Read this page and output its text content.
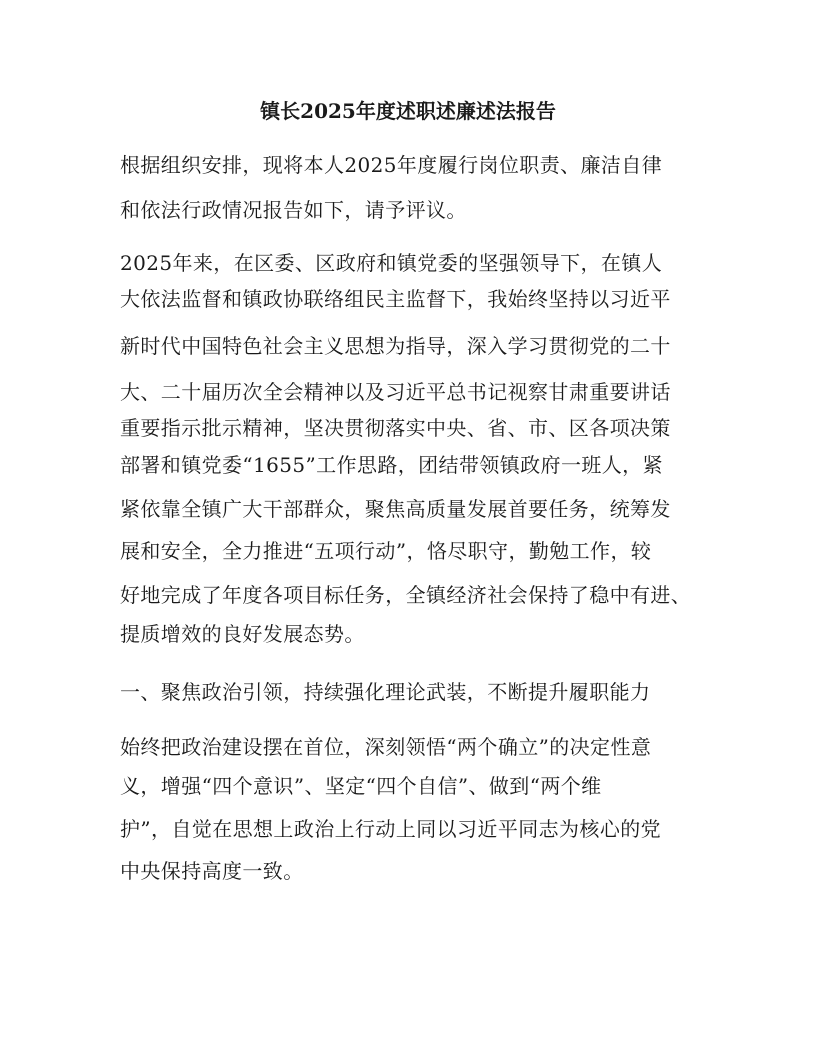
镇长2025年度述职述廉述法报告
根据组织安排，现将本人2025年度履行岗位职责、廉洁自律
和依法行政情况报告如下，请予评议。
2025年来，在区委、区政府和镇党委的坚强领导下，在镇人
大依法监督和镇政协联络组民主监督下，我始终坚持以习近平
新时代中国特色社会主义思想为指导，深入学习贯彻党的二十
大、二十届历次全会精神以及习近平总书记视察甘肃重要讲话
重要指示批示精神，坚决贯彻落实中央、省、市、区各项决策
部署和镇党委“1655”工作思路，团结带领镇政府一班人，紧
紧依靠全镇广大干部群众，聚焦高质量发展首要任务，统筹发
展和安全，全力推进“五项行动”，恪尽职守，勤勉工作，较
好地完成了年度各项目标任务，全镇经济社会保持了稳中有进、
提质增效的良好发展态势。
一、聚焦政治引领，持续强化理论武装，不断提升履职能力
始终把政治建设摆在首位，深刻领悟“两个确立”的决定性意
义，增强“四个意识”、坚定“四个自信”、做到“两个维
护”，自觉在思想上政治上行动上同以习近平同志为核心的党
中央保持高度一致。
